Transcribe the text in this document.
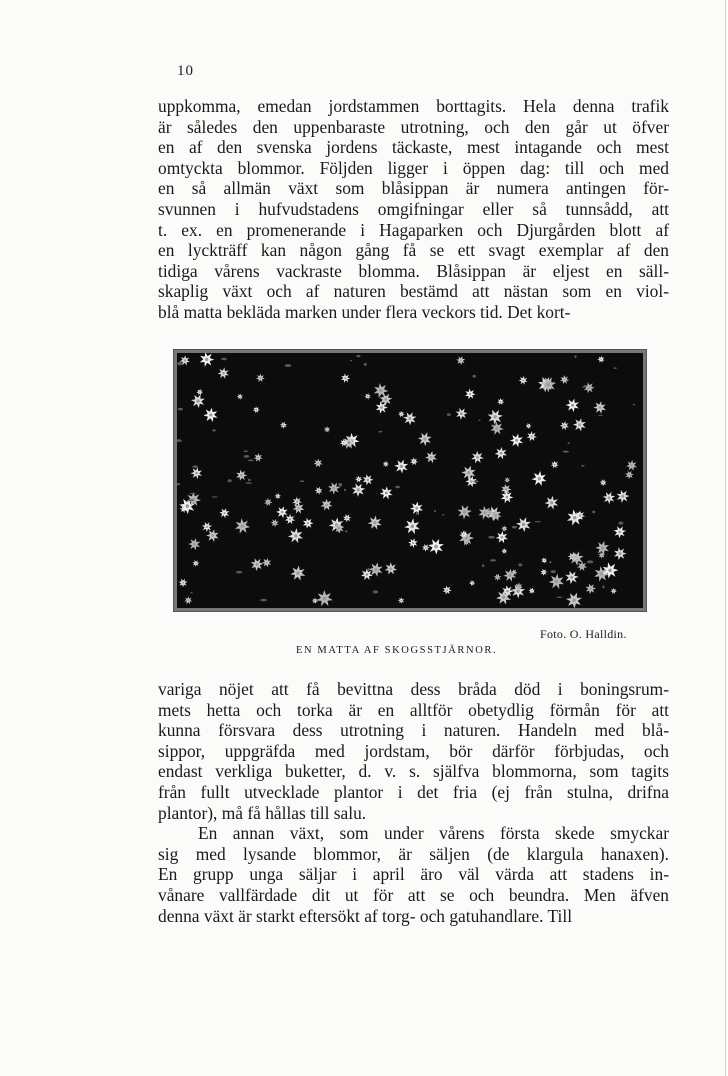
10
uppkomma, emedan jordstammen borttagits. Hela denna trafik
är således den uppenbaraste utrotning, och den går ut öfver
en af den svenska jordens täckaste, mest intagande och mest
omtyckta blommor. Följden ligger i öppen dag: till och med
en så allmän växt som blåsippan är numera antingen för-
svunnen i hufvudstadens omgifningar eller så tunnsådd, att
t. ex. en promenerande i Hagaparken och Djurgården blott af
en lyckträff kan någon gång få se ett svagt exemplar af den
tidiga vårens vackraste blomma. Blåsippan är eljest en säll-
skaplig växt och af naturen bestämd att nästan som en viol-
blå matta bekläda marken under flera veckors tid. Det kort-
Foto. O. Halldin.
EN MATTA AF SKOGSSTJÄRNOR.
variga nöjet att få bevittna dess bråda död i boningsrum-
mets hetta och torka är en alltför obetydlig förmån för att
kunna försvara dess utrotning i naturen. Handeln med blå-
sippor, uppgräfda med jordstam, bör därför förbjudas, och
endast verkliga buketter, d. v. s. själfva blommorna, som tagits
från fullt utvecklade plantor i det fria (ej från stulna, drifna
plantor), må få hållas till salu.
En annan växt, som under vårens första skede smyckar
sig med lysande blommor, är säljen (de klargula hanaxen).
En grupp unga säljar i april äro väl värda att stadens in-
vånare vallfärdade dit ut för att se och beundra. Men äfven
denna växt är starkt eftersökt af torg- och gatuhandlare. Till
